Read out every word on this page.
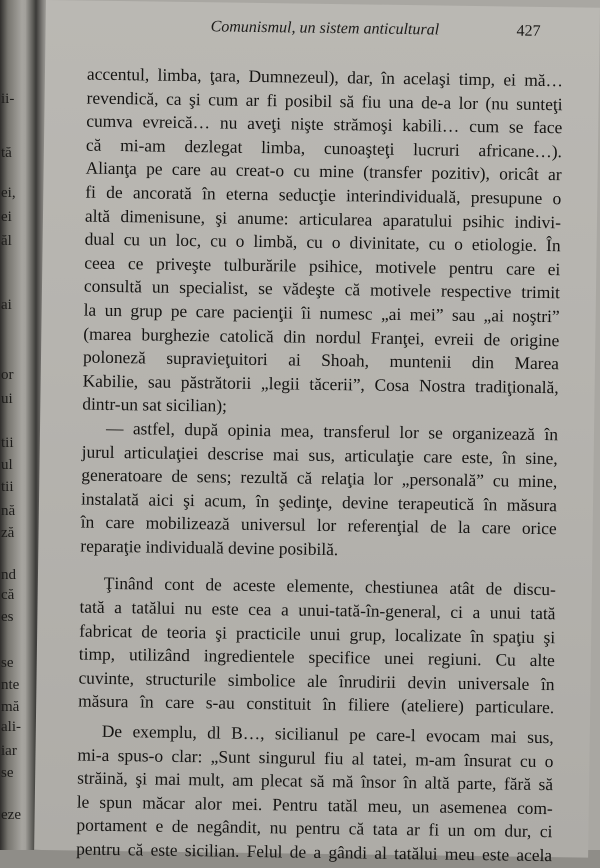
ii-
tă
ei,
ei
ăl
ai
or
ui
tii
ul
tii
nă
ză
nd
că
es
se
nte
mă
ali-
iar
se
eze
Comunismul, un sistem anticultural	427
accentul, limba, ţara, Dumnezeul), dar, în acelaşi timp, ei mă…
revendică, ca şi cum ar fi posibil să fiu una de-a lor (nu sunteţi
cumva evreică… nu aveţi nişte strămoşi kabili… cum se face
că mi-am dezlegat limba, cunoaşteţi lucruri africane…).
Alianţa pe care au creat-o cu mine (transfer pozitiv), oricât ar
fi de ancorată în eterna seducţie interindividuală, presupune o
altă dimenisune, şi anume: articularea aparatului psihic indivi-
dual cu un loc, cu o limbă, cu o divinitate, cu o etiologie. În
ceea ce priveşte tulburările psihice, motivele pentru care ei
consultă un specialist, se vădeşte că motivele respective trimit
la un grup pe care pacienţii îi numesc „ai mei” sau „ai noştri”
(marea burghezie catolică din nordul Franţei, evreii de origine
poloneză supravieţuitori ai Shoah, muntenii din Marea
Kabilie, sau păstrătorii „legii tăcerii”, Cosa Nostra tradiţională,
dintr-un sat sicilian);
— astfel, după opinia mea, transferul lor se organizează în
jurul articulaţiei descrise mai sus, articulaţie care este, în sine,
generatoare de sens; rezultă că relaţia lor „personală” cu mine,
instalată aici şi acum, în şedinţe, devine terapeutică în măsura
în care mobilizează universul lor referenţial de la care orice
reparaţie individuală devine posibilă.
Ţinând cont de aceste elemente, chestiunea atât de discu-
tată a tatălui nu este cea a unui-tată-în-general, ci a unui tată
fabricat de teoria şi practicile unui grup, localizate în spaţiu şi
timp, utilizând ingredientele specifice unei regiuni. Cu alte
cuvinte, structurile simbolice ale înrudirii devin universale în
măsura în care s-au constituit în filiere (ateliere) particulare.
De exemplu, dl B…, sicilianul pe care-l evocam mai sus,
mi-a spus-o clar: „Sunt singurul fiu al tatei, m-am însurat cu o
străină, şi mai mult, am plecat să mă însor în altă parte, fără să
le spun măcar alor mei. Pentru tatăl meu, un asemenea com-
portament e de negândit, nu pentru că tata ar fi un om dur, ci
pentru că este sicilian. Felul de a gândi al tatălui meu este acela
